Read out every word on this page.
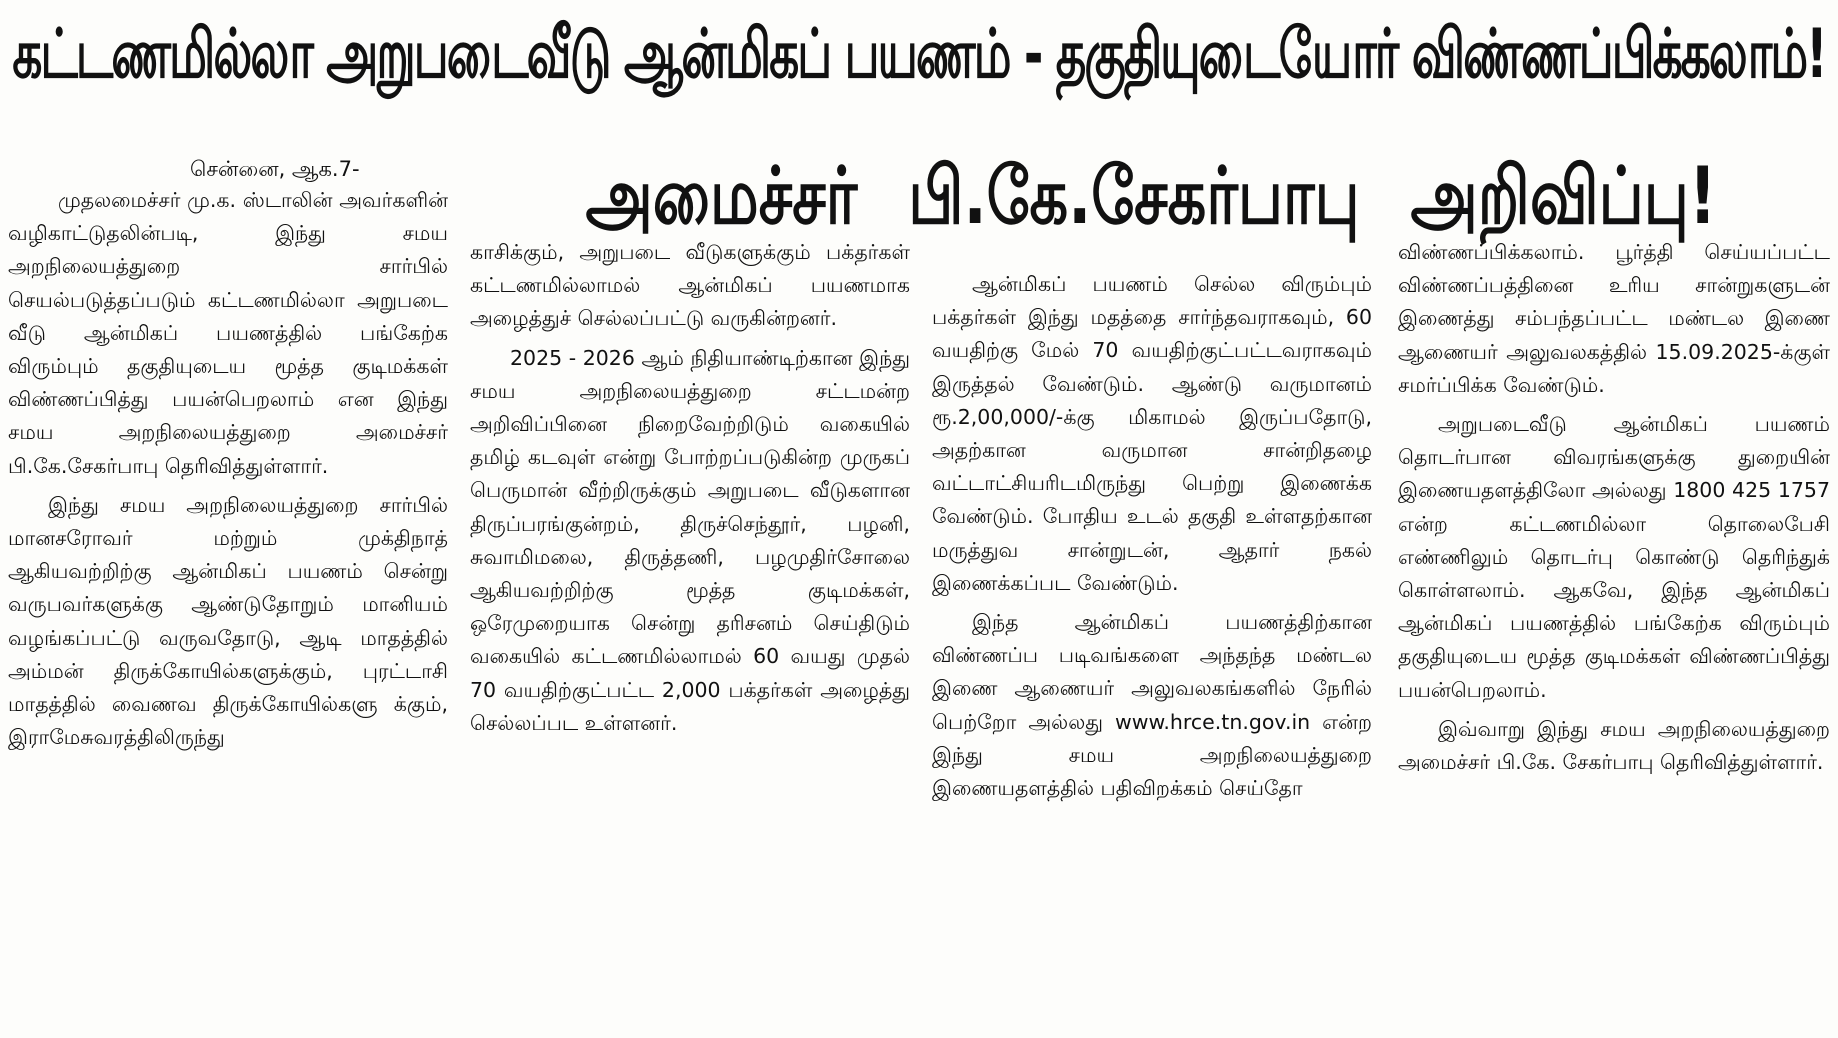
கட்டணமில்லா அறுபடைவீடு ஆன்மிகப் பயணம் - தகுதியுடையோர் விண்ணப்பிக்கலாம்!
அமைச்சர் பி.கே.சேகர்பாபு அறிவிப்பு!
சென்னை, ஆக.7-

முதலமைச்சர் மு.க. ஸ்டாலின் அவர்களின் வழிகாட்டுதலின்படி, இந்து சமய அறநிலையத்துறை சார்பில் செயல்படுத்தப்படும் கட்டணமில்லா அறுபடை வீடு ஆன்மிகப் பயணத்தில் பங்கேற்க விரும்பும் தகுதியுடைய மூத்த குடிமக்கள் விண்ணப்பித்து பயன்பெறலாம் என இந்து சமய அறநிலையத்துறை அமைச்சர் பி.கே.சேகர்பாபு தெரிவித்துள்ளார்.

இந்து சமய அறநிலையத்துறை சார்பில் மானசரோவர் மற்றும் முக்திநாத் ஆகியவற்றிற்கு ஆன்மிகப் பயணம் சென்று வருபவர்களுக்கு ஆண்டுதோறும் மானியம் வழங்கப்பட்டு வருவதோடு, ஆடி மாதத்தில் அம்மன் திருக்கோயில்களுக்கும், புரட்டாசி மாதத்தில் வைணவ திருக்கோயில்களு க்கும், இராமேசுவரத்திலிருந்து

காசிக்கும், அறுபடை வீடுகளுக்கும் பக்தர்கள் கட்டணமில்லாமல் ஆன்மிகப் பயணமாக அழைத்துச் செல்லப்பட்டு வருகின்றனர்.

2025 - 2026 ஆம் நிதியாண்டிற்கான இந்து சமய அறநிலையத்துறை சட்டமன்ற அறிவிப்பினை நிறைவேற்றிடும் வகையில் தமிழ் கடவுள் என்று போற்றப்படுகின்ற முருகப் பெருமான் வீற்றிருக்கும் அறுபடை வீடுகளான திருப்பரங்குன்றம், திருச்செந்தூர், பழனி, சுவாமிமலை, திருத்தணி, பழமுதிர்சோலை ஆகியவற்றிற்கு மூத்த குடிமக்கள், ஒரேமுறையாக சென்று தரிசனம் செய்திடும் வகையில் கட்டணமில்லாமல் 60 வயது முதல் 70 வயதிற்குட்பட்ட 2,000 பக்தர்கள் அழைத்து செல்லப்பட உள்ளனர்.

ஆன்மிகப் பயணம் செல்ல விரும்பும் பக்தர்கள் இந்து மதத்தை சார்ந்தவராகவும், 60 வயதிற்கு மேல் 70 வயதிற்குட்பட்டவராகவும் இருத்தல் வேண்டும். ஆண்டு வருமானம் ரூ.2,00,000/-க்கு மிகாமல் இருப்பதோடு, அதற்கான வருமான சான்றிதழை வட்டாட்சியரிடமிருந்து பெற்று இணைக்க வேண்டும். போதிய உடல் தகுதி உள்ளதற்கான மருத்துவ சான்றுடன், ஆதார் நகல் இணைக்கப்பட வேண்டும்.

இந்த ஆன்மிகப் பயணத்திற்கான விண்ணப்ப படிவங்களை அந்தந்த மண்டல இணை ஆணையர் அலுவலகங்களில் நேரில் பெற்றோ அல்லது www.hrce.tn.gov.in என்ற இந்து சமய அறநிலையத்துறை இணையதளத்தில் பதிவிறக்கம் செய்தோ

விண்ணப்பிக்கலாம். பூர்த்தி செய்யப்பட்ட விண்ணப்பத்தினை உரிய சான்றுகளுடன் இணைத்து சம்பந்தப்பட்ட மண்டல இணை ஆணையர் அலுவலகத்தில் 15.09.2025-க்குள் சமர்ப்பிக்க வேண்டும்.

அறுபடைவீடு ஆன்மிகப் பயணம் தொடர்பான விவரங்களுக்கு துறையின் இணையதளத்திலோ அல்லது 1800 425 1757 என்ற கட்டணமில்லா தொலைபேசி எண்ணிலும் தொடர்பு கொண்டு தெரிந்துக் கொள்ளலாம். ஆகவே, இந்த ஆன்மிகப் ஆன்மிகப் பயணத்தில் பங்கேற்க விரும்பும் தகுதியுடைய மூத்த குடிமக்கள் விண்ணப்பித்து பயன்பெறலாம்.

இவ்வாறு இந்து சமய அறநிலையத்துறை அமைச்சர் பி.கே. சேகர்பாபு தெரிவித்துள்ளார்.
